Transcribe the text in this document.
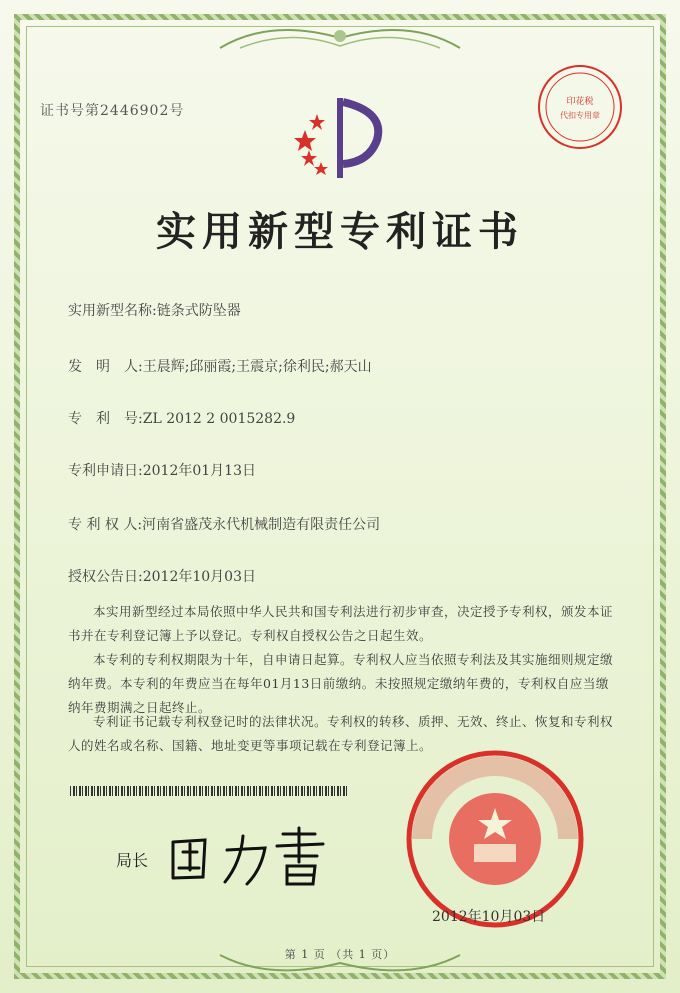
证书号第2446902号
印花税
代扣专用章
实用新型专利证书
实用新型名称:链条式防坠器
发　明　人:王晨辉;邱丽霞;王震京;徐利民;郝天山
专　利　号:ZL 2012 2 0015282.9
专利申请日:2012年01月13日
专 利 权 人:河南省盛茂永代机械制造有限责任公司
授权公告日:2012年10月03日
本实用新型经过本局依照中华人民共和国专利法进行初步审查，决定授予专利权，颁发本证书并在专利登记簿上予以登记。专利权自授权公告之日起生效。
本专利的专利权期限为十年，自申请日起算。专利权人应当依照专利法及其实施细则规定缴纳年费。本专利的年费应当在每年01月13日前缴纳。未按照规定缴纳年费的，专利权自应当缴纳年费期满之日起终止。
专利证书记载专利权登记时的法律状况。专利权的转移、质押、无效、终止、恢复和专利权人的姓名或名称、国籍、地址变更等事项记载在专利登记簿上。
局长
2012年10月03日
第 1 页 （共 1 页）
